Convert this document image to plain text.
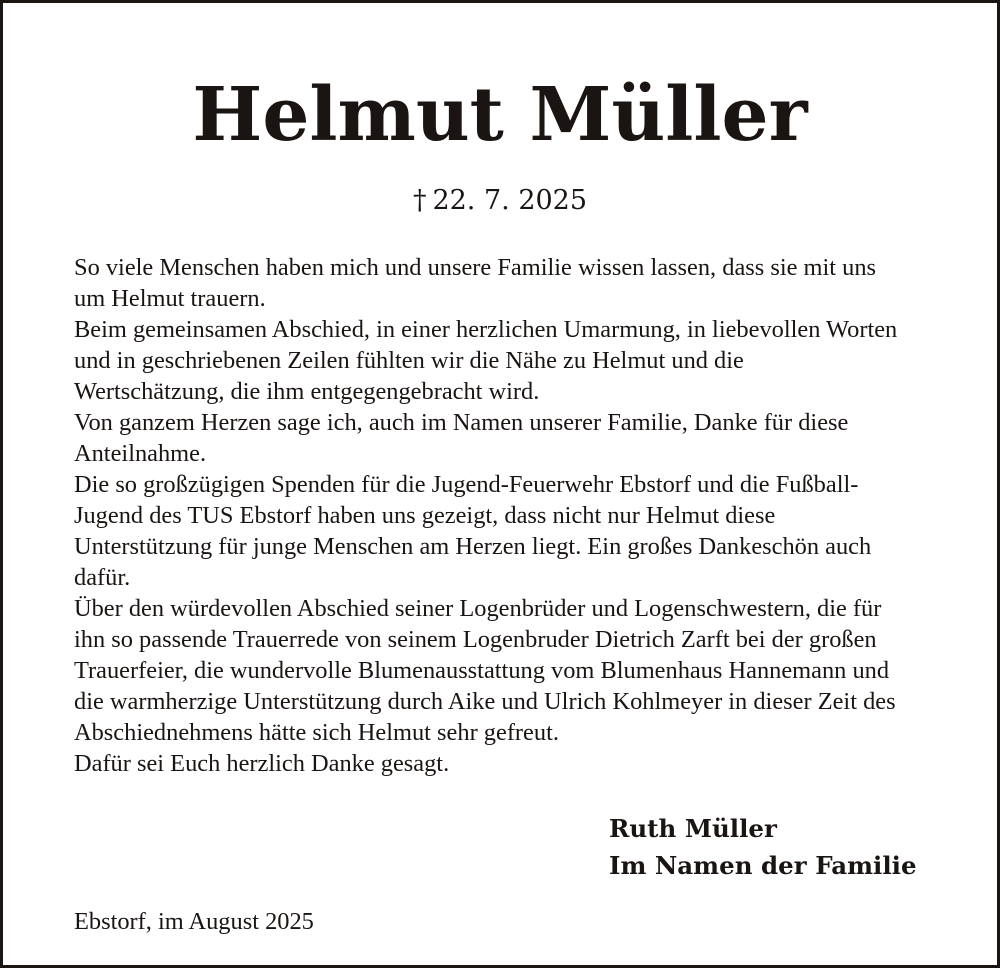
Helmut Müller
† 22. 7. 2025
So viele Menschen haben mich und unsere Familie wissen lassen, dass sie mit uns
um Helmut trauern.
Beim gemeinsamen Abschied, in einer herzlichen Umarmung, in liebevollen Worten
und in geschriebenen Zeilen fühlten wir die Nähe zu Helmut und die
Wertschätzung, die ihm entgegengebracht wird.
Von ganzem Herzen sage ich, auch im Namen unserer Familie, Danke für diese
Anteilnahme.
Die so großzügigen Spenden für die Jugend-Feuerwehr Ebstorf und die Fußball-
Jugend des TUS Ebstorf haben uns gezeigt, dass nicht nur Helmut diese
Unterstützung für junge Menschen am Herzen liegt. Ein großes Dankeschön auch
dafür.
Über den würdevollen Abschied seiner Logenbrüder und Logenschwestern, die für
ihn so passende Trauerrede von seinem Logenbruder Dietrich Zarft bei der großen
Trauerfeier, die wundervolle Blumenausstattung vom Blumenhaus Hannemann und
die warmherzige Unterstützung durch Aike und Ulrich Kohlmeyer in dieser Zeit des
Abschiednehmens hätte sich Helmut sehr gefreut.
Dafür sei Euch herzlich Danke gesagt.
Ruth Müller
Im Namen der Familie
Ebstorf, im August 2025
